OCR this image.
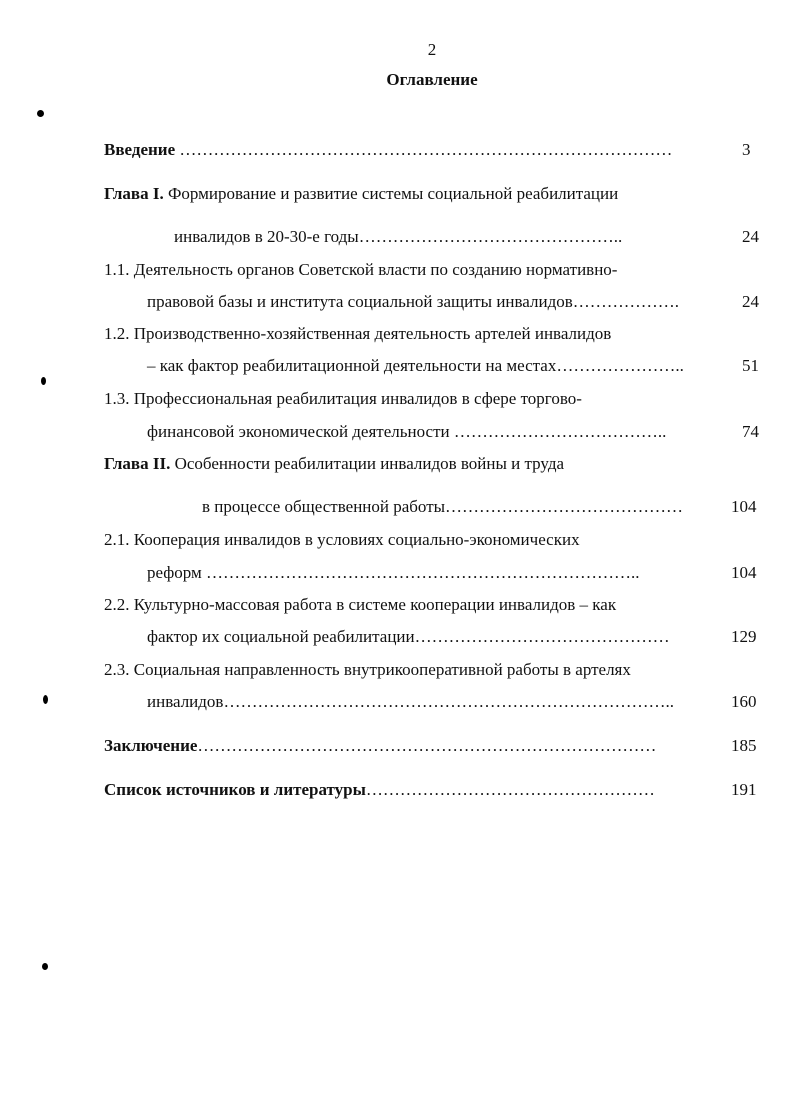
2
Оглавление
Введение ……………………………………………………………………………	3
Глава I. Формирование и развитие системы социальной реабилитации
инвалидов в 20-30-е годы………………………………………..	24
1.1. Деятельность органов Советской власти по созданию нормативно-
правовой базы и института социальной защиты инвалидов……………….	24
1.2. Производственно-хозяйственная деятельность артелей инвалидов
– как фактор реабилитационной деятельности на местах…………………..	51
1.3. Профессиональная реабилитация инвалидов в сфере торгово-
финансовой экономической деятельности ………………………………..	74
Глава II. Особенности реабилитации инвалидов войны и труда
в процессе общественной работы……………………………………	104
2.1. Кооперация инвалидов в условиях социально-экономических
реформ …………………………………………………………………..	104
2.2. Культурно-массовая работа в системе кооперации инвалидов – как
фактор их социальной реабилитации………………………………………	129
2.3. Социальная направленность внутрикооперативной работы в артелях
инвалидов……………………………………………………………………..	160
Заключение………………………………………………………………………	185
Список источников и литературы……………………………………………	191
